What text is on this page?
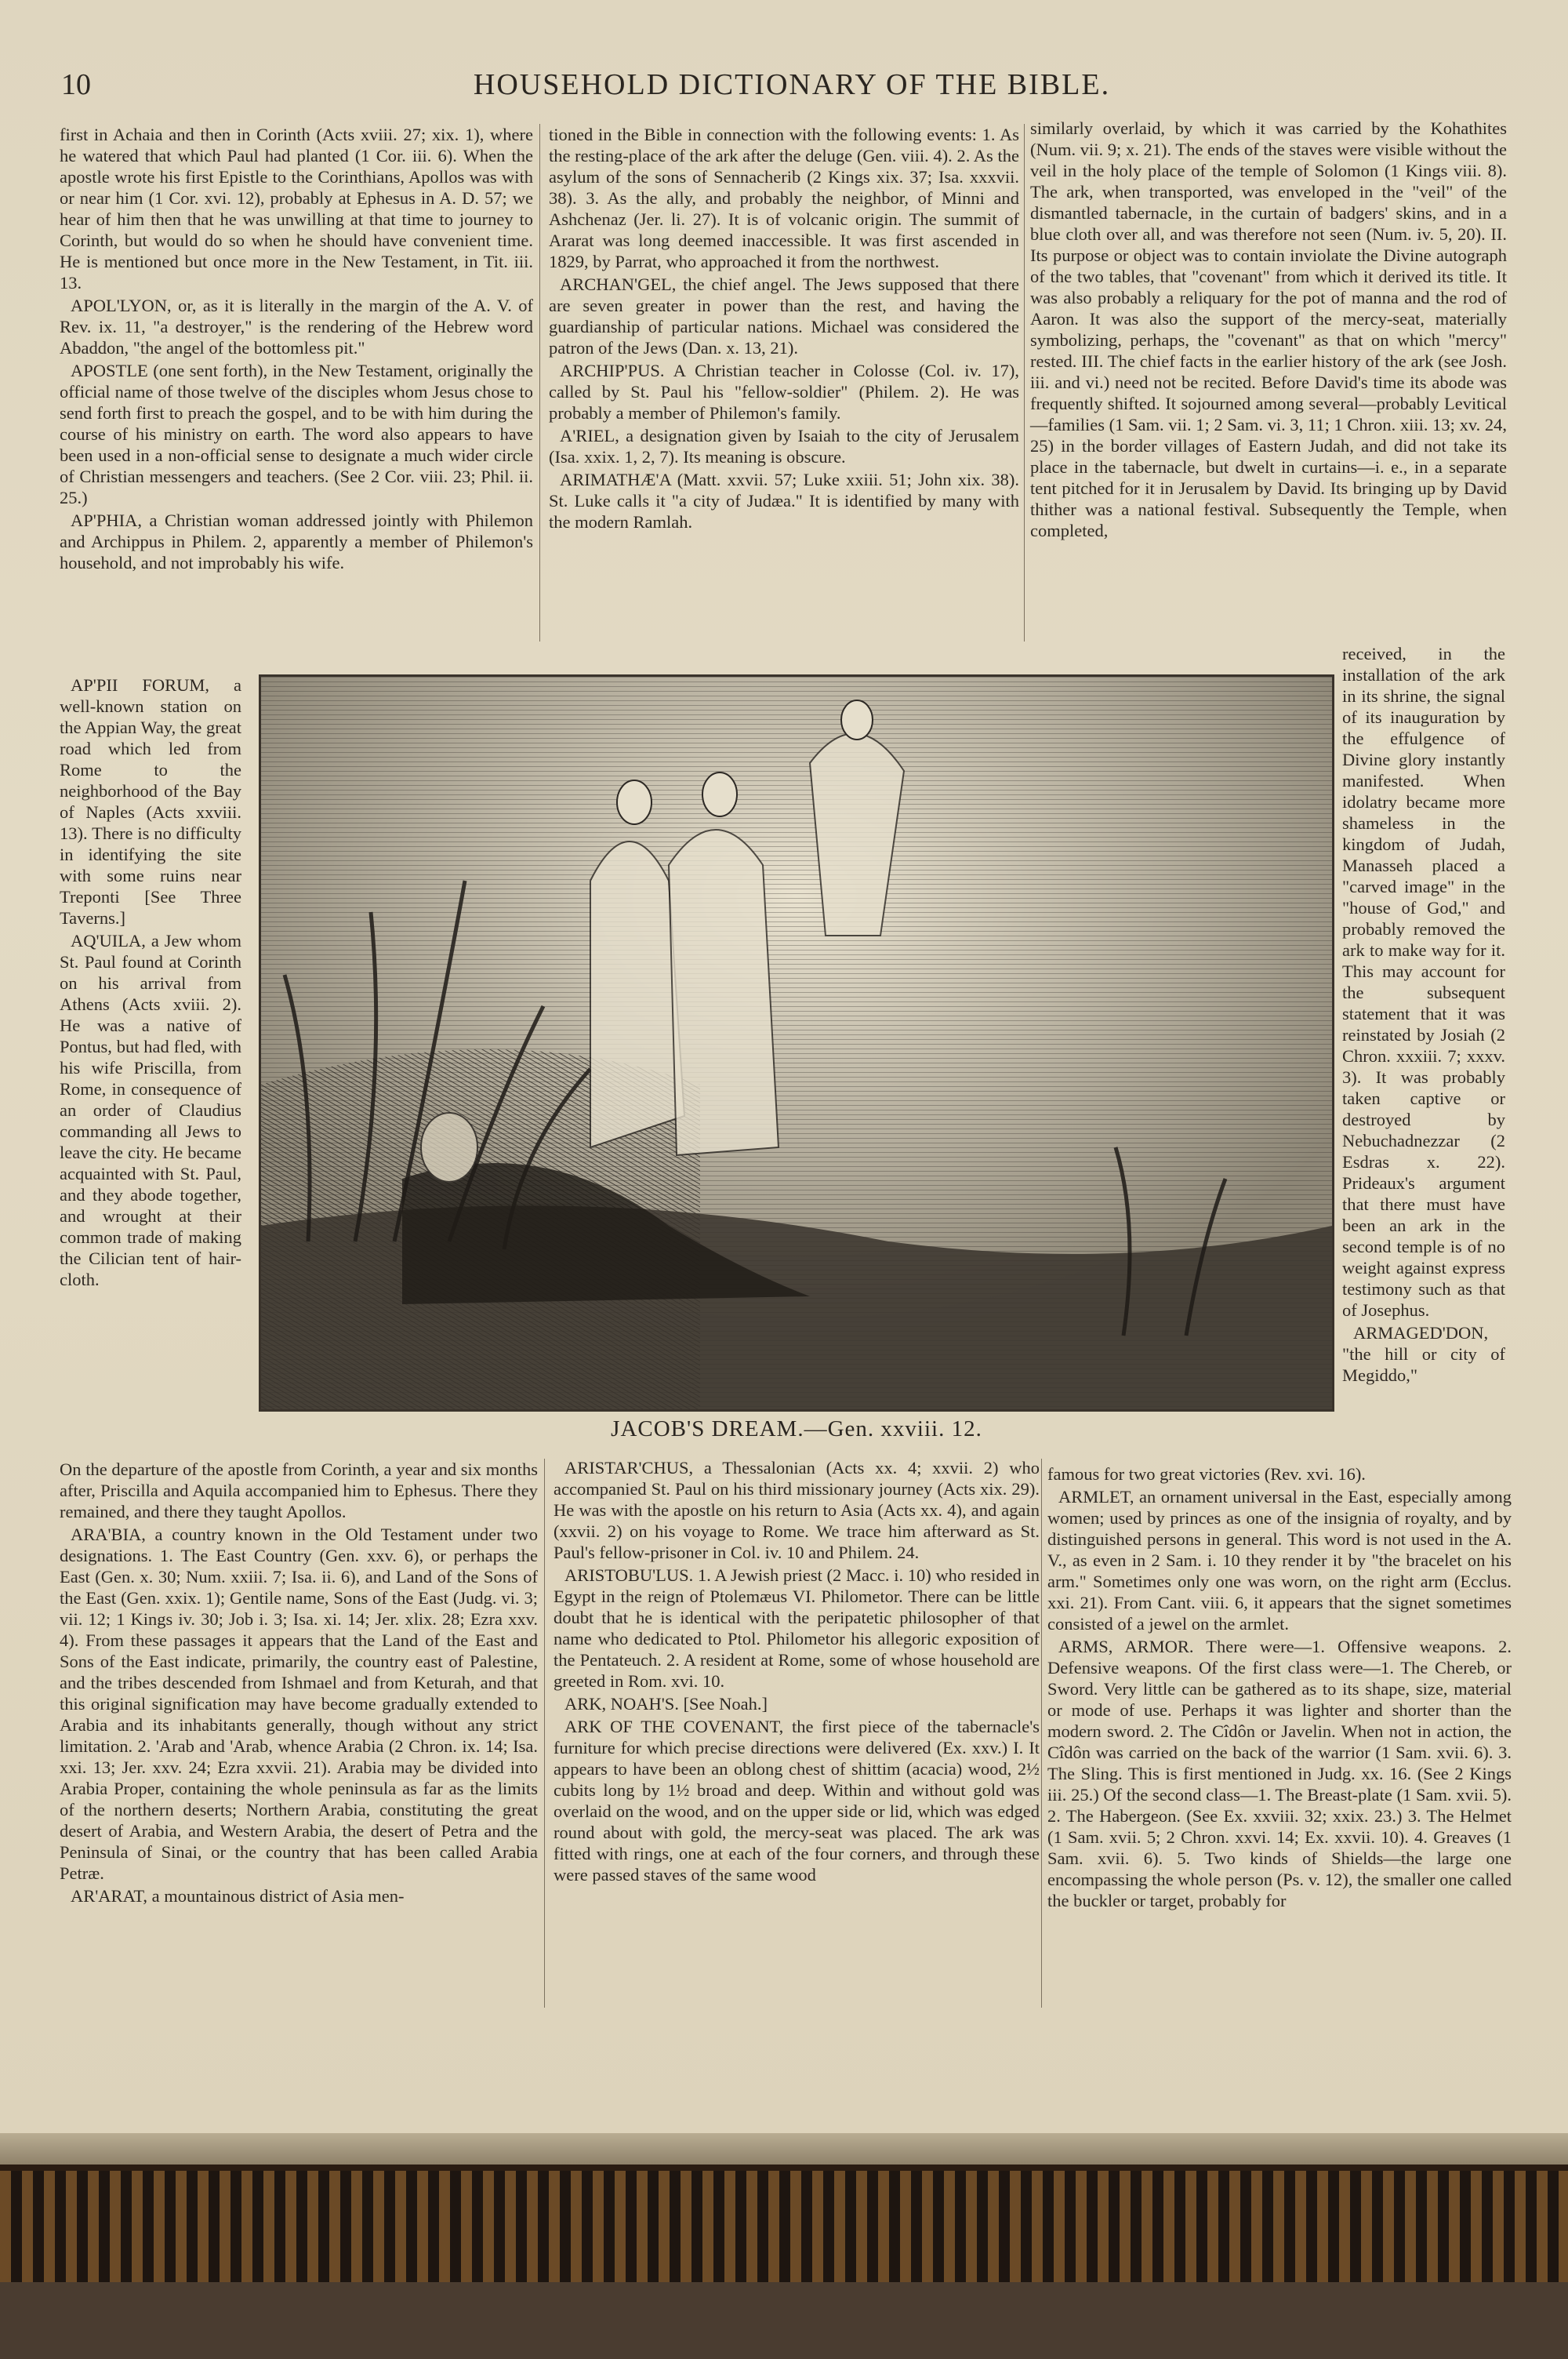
10	HOUSEHOLD DICTIONARY OF THE BIBLE.

first in Achaia and then in Corinth (Acts xviii. 27; xix. 1), where he watered that which Paul had planted (1 Cor. iii. 6). When the apostle wrote his first Epistle to the Corinthians, Apollos was with or near him (1 Cor. xvi. 12), probably at Ephesus in A. D. 57; we hear of him then that he was unwilling at that time to journey to Corinth, but would do so when he should have convenient time. He is mentioned but once more in the New Testament, in Tit. iii. 13.

APOL'LYON, or, as it is literally in the margin of the A. V. of Rev. ix. 11, "a destroyer," is the rendering of the Hebrew word Abaddon, "the angel of the bottomless pit."

APOSTLE (one sent forth), in the New Testament, originally the official name of those twelve of the disciples whom Jesus chose to send forth first to preach the gospel, and to be with him during the course of his ministry on earth. The word also appears to have been used in a non-official sense to designate a much wider circle of Christian messengers and teachers. (See 2 Cor. viii. 23; Phil. ii. 25.)

AP'PHIA, a Christian woman addressed jointly with Philemon and Archippus in Philem. 2, apparently a member of Philemon's household, and not improbably his wife.

tioned in the Bible in connection with the following events: 1. As the resting-place of the ark after the deluge (Gen. viii. 4). 2. As the asylum of the sons of Sennacherib (2 Kings xix. 37; Isa. xxxvii. 38). 3. As the ally, and probably the neighbor, of Minni and Ashchenaz (Jer. li. 27). It is of volcanic origin. The summit of Ararat was long deemed inaccessible. It was first ascended in 1829, by Parrat, who approached it from the northwest.

ARCHAN'GEL, the chief angel. The Jews supposed that there are seven greater in power than the rest, and having the guardianship of particular nations. Michael was considered the patron of the Jews (Dan. x. 13, 21).

ARCHIP'PUS. A Christian teacher in Colosse (Col. iv. 17), called by St. Paul his "fellow-soldier" (Philem. 2). He was probably a member of Philemon's family.

A'RIEL, a designation given by Isaiah to the city of Jerusalem (Isa. xxix. 1, 2, 7). Its meaning is obscure.

ARIMATHÆ'A (Matt. xxvii. 57; Luke xxiii. 51; John xix. 38). St. Luke calls it "a city of Judæa." It is identified by many with the modern Ramlah.

similarly overlaid, by which it was carried by the Kohathites (Num. vii. 9; x. 21). The ends of the staves were visible without the veil in the holy place of the temple of Solomon (1 Kings viii. 8). The ark, when transported, was enveloped in the "veil" of the dismantled tabernacle, in the curtain of badgers' skins, and in a blue cloth over all, and was therefore not seen (Num. iv. 5, 20). II. Its purpose or object was to contain inviolate the Divine autograph of the two tables, that "covenant" from which it derived its title. It was also probably a reliquary for the pot of manna and the rod of Aaron. It was also the support of the mercy-seat, materially symbolizing, perhaps, the "covenant" as that on which "mercy" rested. III. The chief facts in the earlier history of the ark (see Josh. iii. and vi.) need not be recited. Before David's time its abode was frequently shifted. It sojourned among several—probably Levitical—families (1 Sam. vii. 1; 2 Sam. vi. 3, 11; 1 Chron. xiii. 13; xv. 24, 25) in the border villages of Eastern Judah, and did not take its place in the tabernacle, but dwelt in curtains—i. e., in a separate tent pitched for it in Jerusalem by David. Its bringing up by David thither was a national festival. Subsequently the Temple, when completed,

AP'PII FORUM, a well-known station on the Appian Way, the great road which led from Rome to the neighborhood of the Bay of Naples (Acts xxviii. 13). There is no difficulty in identifying the site with some ruins near Treponti [See Three Taverns.]

AQ'UILA, a Jew whom St. Paul found at Corinth on his arrival from Athens (Acts xviii. 2). He was a native of Pontus, but had fled, with his wife Priscilla, from Rome, in consequence of an order of Claudius commanding all Jews to leave the city. He became acquainted with St. Paul, and they abode together, and wrought at their common trade of making the Cilician tent of hair-cloth.

JACOB'S DREAM.—Gen. xxviii. 12.

received, in the installation of the ark in its shrine, the signal of its inauguration by the effulgence of Divine glory instantly manifested. When idolatry became more shameless in the kingdom of Judah, Manasseh placed a "carved image" in the "house of God," and probably removed the ark to make way for it. This may account for the subsequent statement that it was reinstated by Josiah (2 Chron. xxxiii. 7; xxxv. 3). It was probably taken captive or destroyed by Nebuchadnezzar (2 Esdras x. 22). Prideaux's argument that there must have been an ark in the second temple is of no weight against express testimony such as that of Josephus.

ARMAGED'DON, "the hill or city of Megiddo,"

On the departure of the apostle from Corinth, a year and six months after, Priscilla and Aquila accompanied him to Ephesus. There they remained, and there they taught Apollos.

ARA'BIA, a country known in the Old Testament under two designations. 1. The East Country (Gen. xxv. 6), or perhaps the East (Gen. x. 30; Num. xxiii. 7; Isa. ii. 6), and Land of the Sons of the East (Gen. xxix. 1); Gentile name, Sons of the East (Judg. vi. 3; vii. 12; 1 Kings iv. 30; Job i. 3; Isa. xi. 14; Jer. xlix. 28; Ezra xxv. 4). From these passages it appears that the Land of the East and Sons of the East indicate, primarily, the country east of Palestine, and the tribes descended from Ishmael and from Keturah, and that this original signification may have become gradually extended to Arabia and its inhabitants generally, though without any strict limitation. 2. 'Arab and 'Arab, whence Arabia (2 Chron. ix. 14; Isa. xxi. 13; Jer. xxv. 24; Ezra xxvii. 21). Arabia may be divided into Arabia Proper, containing the whole peninsula as far as the limits of the northern deserts; Northern Arabia, constituting the great desert of Arabia, and Western Arabia, the desert of Petra and the Peninsula of Sinai, or the country that has been called Arabia Petræ.

AR'ARAT, a mountainous district of Asia men-

ARISTAR'CHUS, a Thessalonian (Acts xx. 4; xxvii. 2) who accompanied St. Paul on his third missionary journey (Acts xix. 29). He was with the apostle on his return to Asia (Acts xx. 4), and again (xxvii. 2) on his voyage to Rome. We trace him afterward as St. Paul's fellow-prisoner in Col. iv. 10 and Philem. 24.

ARISTOBU'LUS. 1. A Jewish priest (2 Macc. i. 10) who resided in Egypt in the reign of Ptolemæus VI. Philometor. There can be little doubt that he is identical with the peripatetic philosopher of that name who dedicated to Ptol. Philometor his allegoric exposition of the Pentateuch. 2. A resident at Rome, some of whose household are greeted in Rom. xvi. 10.

ARK, NOAH'S. [See Noah.]

ARK OF THE COVENANT, the first piece of the tabernacle's furniture for which precise directions were delivered (Ex. xxv.) I. It appears to have been an oblong chest of shittim (acacia) wood, 2½ cubits long by 1½ broad and deep. Within and without gold was overlaid on the wood, and on the upper side or lid, which was edged round about with gold, the mercy-seat was placed. The ark was fitted with rings, one at each of the four corners, and through these were passed staves of the same wood

famous for two great victories (Rev. xvi. 16).

ARMLET, an ornament universal in the East, especially among women; used by princes as one of the insignia of royalty, and by distinguished persons in general. This word is not used in the A. V., as even in 2 Sam. i. 10 they render it by "the bracelet on his arm." Sometimes only one was worn, on the right arm (Ecclus. xxi. 21). From Cant. viii. 6, it appears that the signet sometimes consisted of a jewel on the armlet.

ARMS, ARMOR. There were—1. Offensive weapons. 2. Defensive weapons. Of the first class were—1. The Chereb, or Sword. Very little can be gathered as to its shape, size, material or mode of use. Perhaps it was lighter and shorter than the modern sword. 2. The Cîdôn or Javelin. When not in action, the Cîdôn was carried on the back of the warrior (1 Sam. xvii. 6). 3. The Sling. This is first mentioned in Judg. xx. 16. (See 2 Kings iii. 25.) Of the second class—1. The Breast-plate (1 Sam. xvii. 5). 2. The Habergeon. (See Ex. xxviii. 32; xxix. 23.) 3. The Helmet (1 Sam. xvii. 5; 2 Chron. xxvi. 14; Ex. xxvii. 10). 4. Greaves (1 Sam. xvii. 6). 5. Two kinds of Shields—the large one encompassing the whole person (Ps. v. 12), the smaller one called the buckler or target, probably for
